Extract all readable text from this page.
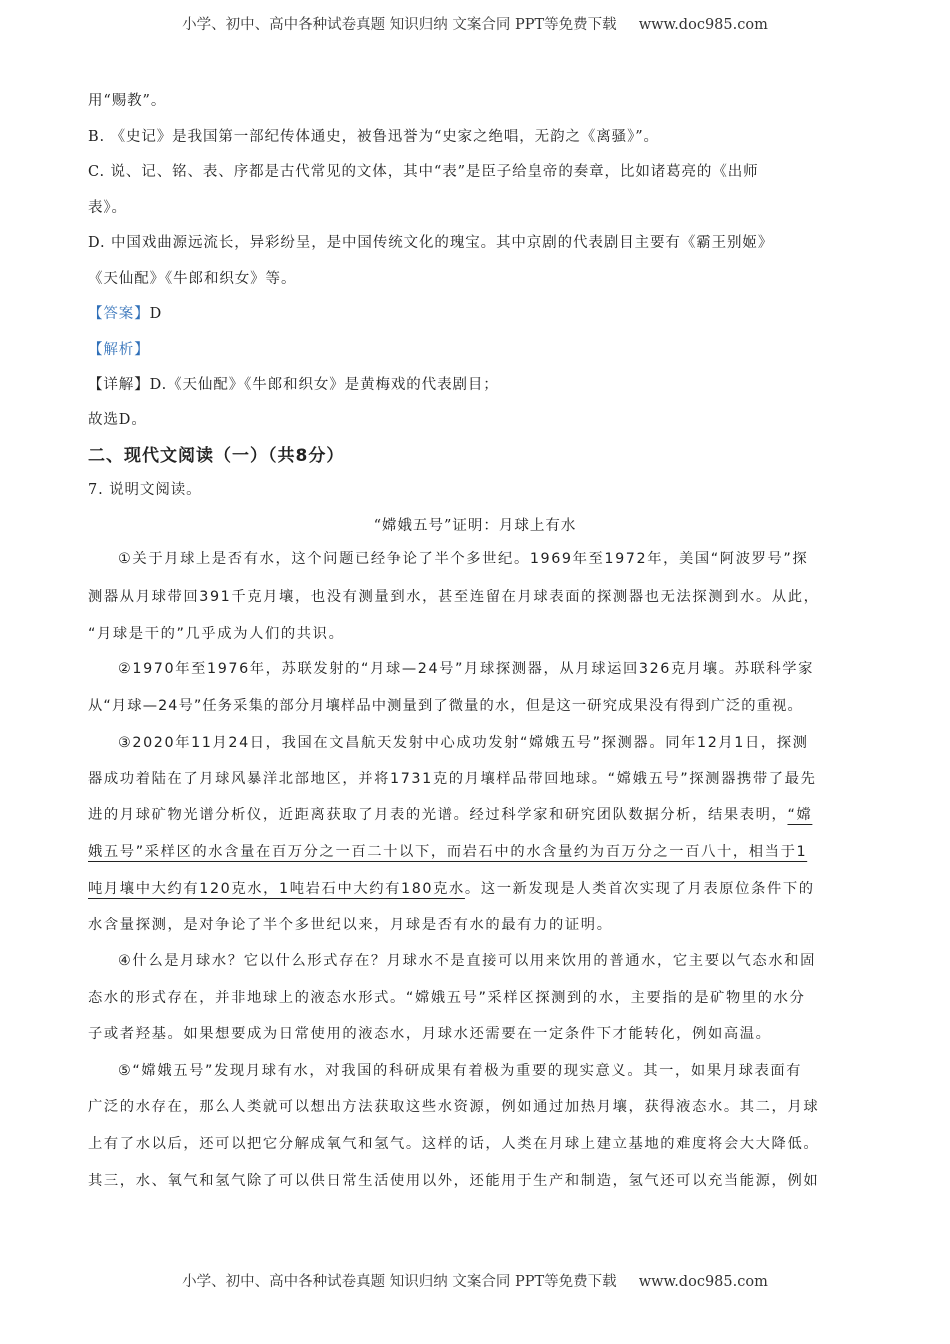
小学、初中、高中各种试卷真题 知识归纳 文案合同 PPT等免费下载 www.doc985.com
用“赐教”。
B. 《史记》是我国第一部纪传体通史，被鲁迅誉为“史家之绝唱，无韵之《离骚》”。
C. 说、记、铭、表、序都是古代常见的文体，其中“表”是臣子给皇帝的奏章，比如诸葛亮的《出师
表》。
D. 中国戏曲源远流长，异彩纷呈，是中国传统文化的瑰宝。其中京剧的代表剧目主要有《霸王别姬》
《天仙配》《牛郎和织女》等。
【答案】D
【解析】
【详解】D.《天仙配》《牛郎和织女》是黄梅戏的代表剧目；
故选D。
二、现代文阅读（一）（共8分）
7. 说明文阅读。
“嫦娥五号”证明：月球上有水
①关于月球上是否有水，这个问题已经争论了半个多世纪。1969年至1972年，美国“阿波罗号”探
测器从月球带回391千克月壤，也没有测量到水，甚至连留在月球表面的探测器也无法探测到水。从此，
“月球是干的”几乎成为人们的共识。
②1970年至1976年，苏联发射的“月球—24号”月球探测器，从月球运回326克月壤。苏联科学家
从“月球—24号”任务采集的部分月壤样品中测量到了微量的水，但是这一研究成果没有得到广泛的重视。
③2020年11月24日，我国在文昌航天发射中心成功发射“嫦娥五号”探测器。同年12月1日，探测
器成功着陆在了月球风暴洋北部地区，并将1731克的月壤样品带回地球。“嫦娥五号”探测器携带了最先
进的月球矿物光谱分析仪，近距离获取了月表的光谱。经过科学家和研究团队数据分析，结果表明，“嫦
娥五号”采样区的水含量在百万分之一百二十以下，而岩石中的水含量约为百万分之一百八十，相当于1
吨月壤中大约有120克水，1吨岩石中大约有180克水。这一新发现是人类首次实现了月表原位条件下的
水含量探测，是对争论了半个多世纪以来，月球是否有水的最有力的证明。
④什么是月球水？它以什么形式存在？月球水不是直接可以用来饮用的普通水，它主要以气态水和固
态水的形式存在，并非地球上的液态水形式。“嫦娥五号”采样区探测到的水，主要指的是矿物里的水分
子或者羟基。如果想要成为日常使用的液态水，月球水还需要在一定条件下才能转化，例如高温。
⑤“嫦娥五号”发现月球有水，对我国的科研成果有着极为重要的现实意义。其一，如果月球表面有
广泛的水存在，那么人类就可以想出方法获取这些水资源，例如通过加热月壤，获得液态水。其二，月球
上有了水以后，还可以把它分解成氧气和氢气。这样的话，人类在月球上建立基地的难度将会大大降低。
其三，水、氧气和氢气除了可以供日常生活使用以外，还能用于生产和制造，氢气还可以充当能源，例如
小学、初中、高中各种试卷真题 知识归纳 文案合同 PPT等免费下载 www.doc985.com
